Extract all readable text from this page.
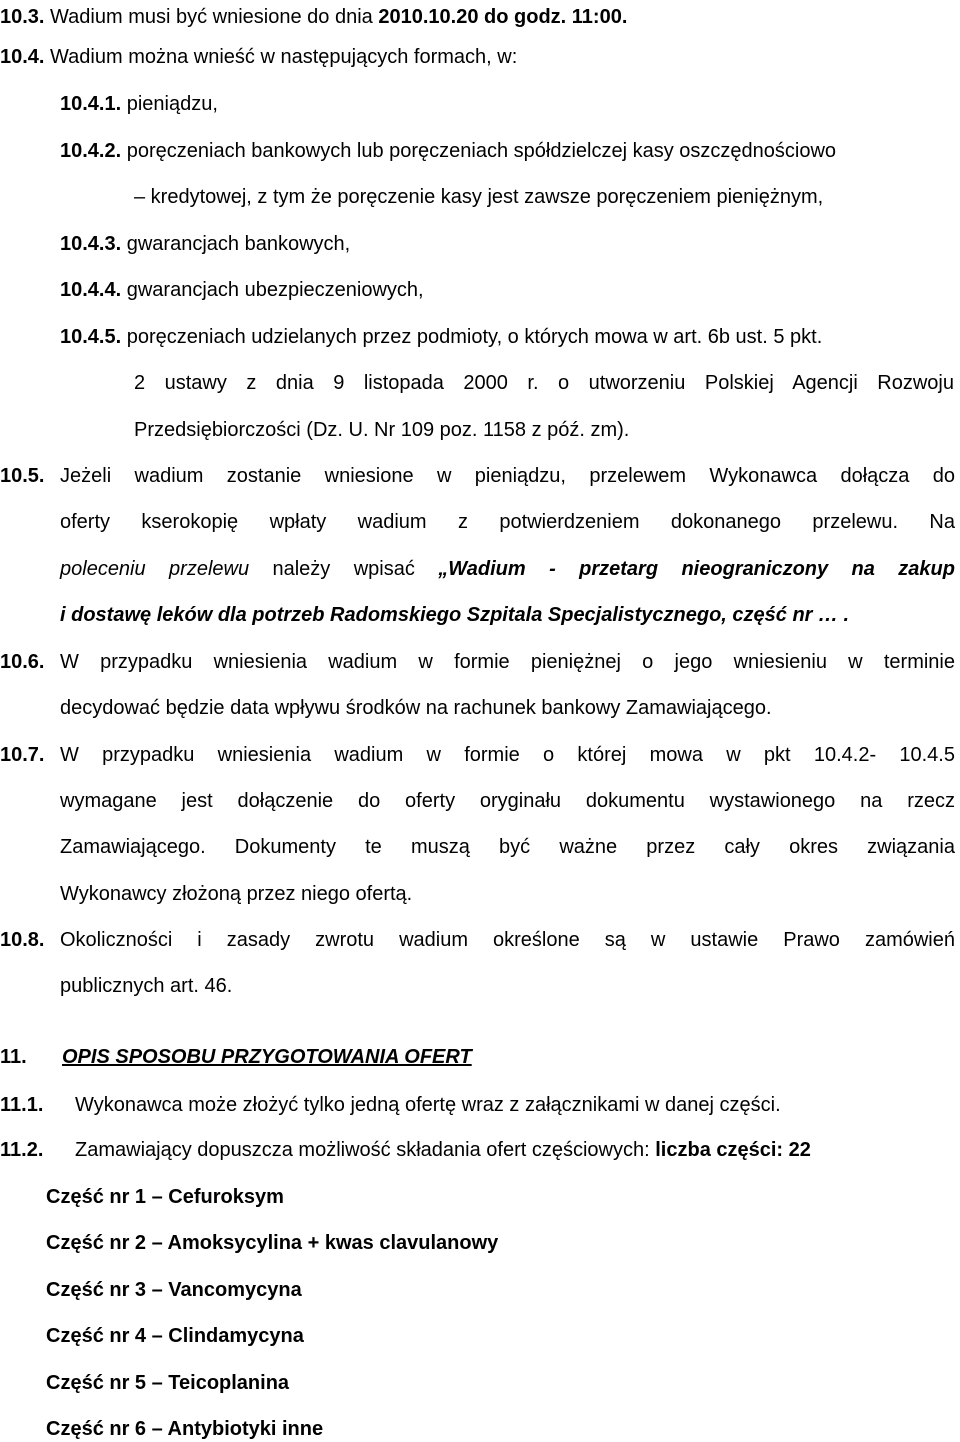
10.3. Wadium musi być wniesione do dnia 2010.10.20 do godz. 11:00.
10.4. Wadium można wnieść w następujących formach, w:
10.4.1. pieniądzu,
10.4.2. poręczeniach bankowych lub poręczeniach spółdzielczej kasy oszczędnościowo
– kredytowej, z tym że poręczenie kasy jest zawsze poręczeniem pieniężnym,
10.4.3. gwarancjach bankowych,
10.4.4. gwarancjach ubezpieczeniowych,
10.4.5. poręczeniach udzielanych przez podmioty, o których mowa w art. 6b ust. 5 pkt.
2 ustawy z dnia 9 listopada 2000 r. o utworzeniu Polskiej Agencji Rozwoju
Przedsiębiorczości (Dz. U. Nr 109 poz. 1158 z póź. zm).
10.5. Jeżeli wadium zostanie wniesione w pieniądzu, przelewem Wykonawca dołącza do
oferty kserokopię wpłaty wadium z potwierdzeniem dokonanego przelewu. Na
poleceniu przelewu należy wpisać „Wadium - przetarg nieograniczony na zakup
i dostawę leków dla potrzeb Radomskiego Szpitala Specjalistycznego, część nr … .
10.6. W przypadku wniesienia wadium w formie pieniężnej o jego wniesieniu w terminie
decydować będzie data wpływu środków na rachunek bankowy Zamawiającego.
10.7. W przypadku wniesienia wadium w formie o której mowa w pkt 10.4.2- 10.4.5
wymagane jest dołączenie do oferty oryginału dokumentu wystawionego na rzecz
Zamawiającego. Dokumenty te muszą być ważne przez cały okres związania
Wykonawcy złożoną przez niego ofertą.
10.8. Okoliczności i zasady zwrotu wadium określone są w ustawie Prawo zamówień
publicznych art. 46.
11. OPIS SPOSOBU PRZYGOTOWANIA OFERT
11.1. Wykonawca może złożyć tylko jedną ofertę wraz z załącznikami w danej części.
11.2. Zamawiający dopuszcza możliwość składania ofert częściowych: liczba części: 22
Część nr 1 – Cefuroksym
Część nr 2 – Amoksycylina + kwas clavulanowy
Część nr 3 – Vancomycyna
Część nr 4 – Clindamycyna
Część nr 5 – Teicoplanina
Część nr 6 – Antybiotyki inne
